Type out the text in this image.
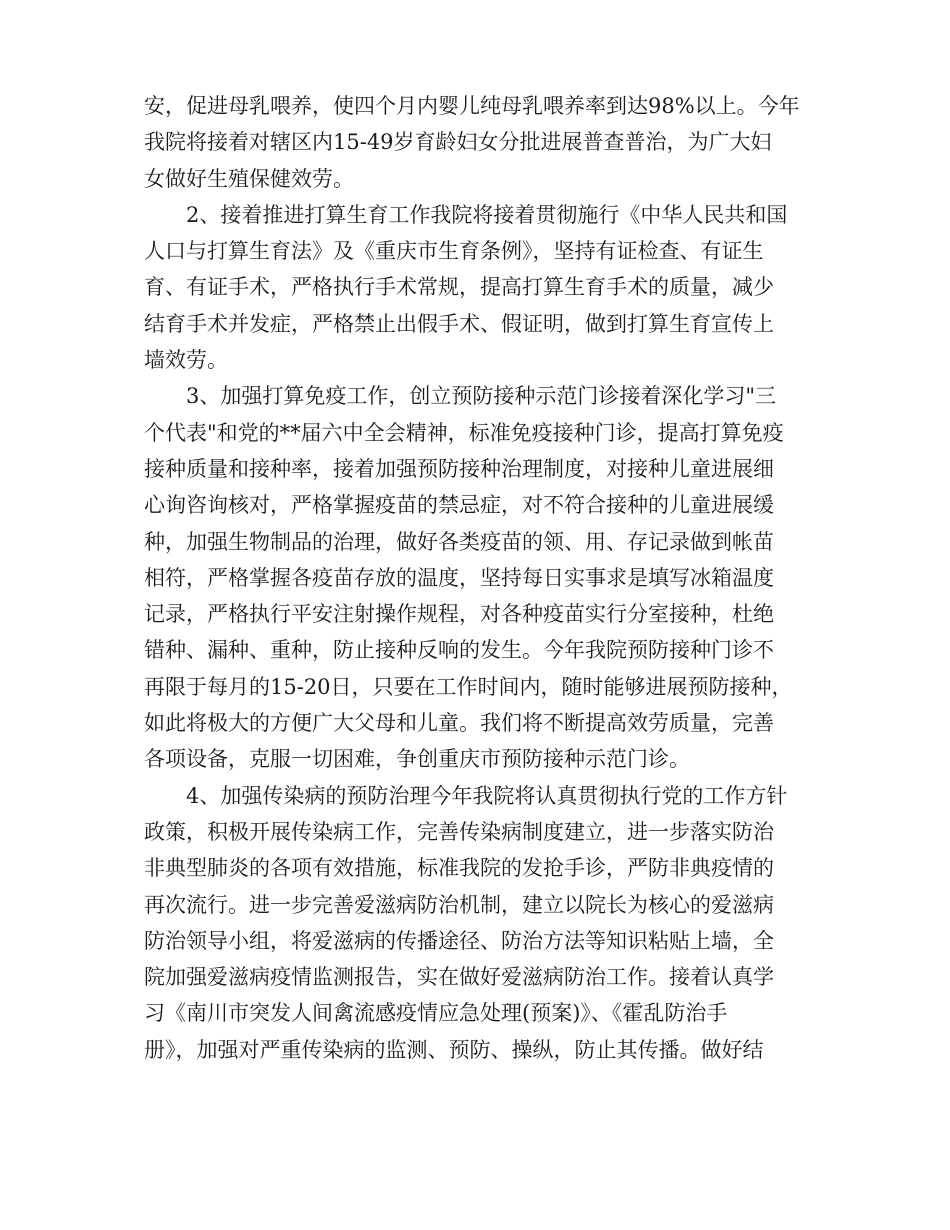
安，促进母乳喂养，使四个月内婴儿纯母乳喂养率到达98%以上。今年
我院将接着对辖区内15-49岁育龄妇女分批进展普查普治，为广大妇
女做好生殖保健效劳。
　　2、接着推进打算生育工作我院将接着贯彻施行《中华人民共和国
人口与打算生育法》及《重庆市生育条例》，坚持有证检查、有证生
育、有证手术，严格执行手术常规，提高打算生育手术的质量，减少
结育手术并发症，严格禁止出假手术、假证明，做到打算生育宣传上
墙效劳。
　　3、加强打算免疫工作，创立预防接种示范门诊接着深化学习"三
个代表"和党的**届六中全会精神，标准免疫接种门诊，提高打算免疫
接种质量和接种率，接着加强预防接种治理制度，对接种儿童进展细
心询咨询核对，严格掌握疫苗的禁忌症，对不符合接种的儿童进展缓
种，加强生物制品的治理，做好各类疫苗的领、用、存记录做到帐苗
相符，严格掌握各疫苗存放的温度，坚持每日实事求是填写冰箱温度
记录，严格执行平安注射操作规程，对各种疫苗实行分室接种，杜绝
错种、漏种、重种，防止接种反响的发生。今年我院预防接种门诊不
再限于每月的15-20日，只要在工作时间内，随时能够进展预防接种，
如此将极大的方便广大父母和儿童。我们将不断提高效劳质量，完善
各项设备，克服一切困难，争创重庆市预防接种示范门诊。
　　4、加强传染病的预防治理今年我院将认真贯彻执行党的工作方针
政策，积极开展传染病工作，完善传染病制度建立，进一步落实防治
非典型肺炎的各项有效措施，标准我院的发抢手诊，严防非典疫情的
再次流行。进一步完善爱滋病防治机制，建立以院长为核心的爱滋病
防治领导小组，将爱滋病的传播途径、防治方法等知识粘贴上墙，全
院加强爱滋病疫情监测报告，实在做好爱滋病防治工作。接着认真学
习《南川市突发人间禽流感疫情应急处理(预案)》、《霍乱防治手
册》，加强对严重传染病的监测、预防、操纵，防止其传播。做好结
